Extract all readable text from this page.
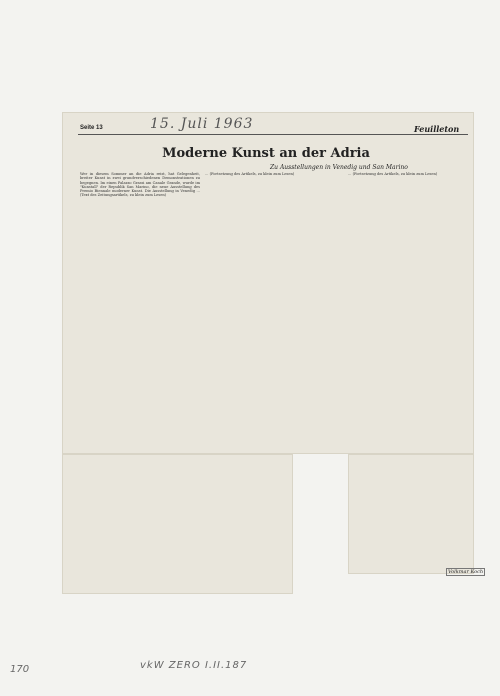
Seite 13	15. Juli 1963	Feuilleton
Moderne Kunst an der Adria
Zu Ausstellungen in Venedig und San Marino
Wer in diesem Sommer an die Adria reist, hat Gelegenheit, breiter Kunst in zwei grundverschiedenen Demonstrationen zu begegnen. Im einen Palazzo Grassi am Canale Grande, wurde im "Kunstall" der Republik San Marino, die neue Ausstellung des Premio Biennale moderner Kunst. Die Ausstellung in Venedig ... (Text des Zeitungsartikels, zu klein zum Lesen)
... (Fortsetzung des Artikels, zu klein zum Lesen)	... (Fortsetzung des Artikels, zu klein zum Lesen)
Volkmar Koch
170	vkW ZERO I.II.187
